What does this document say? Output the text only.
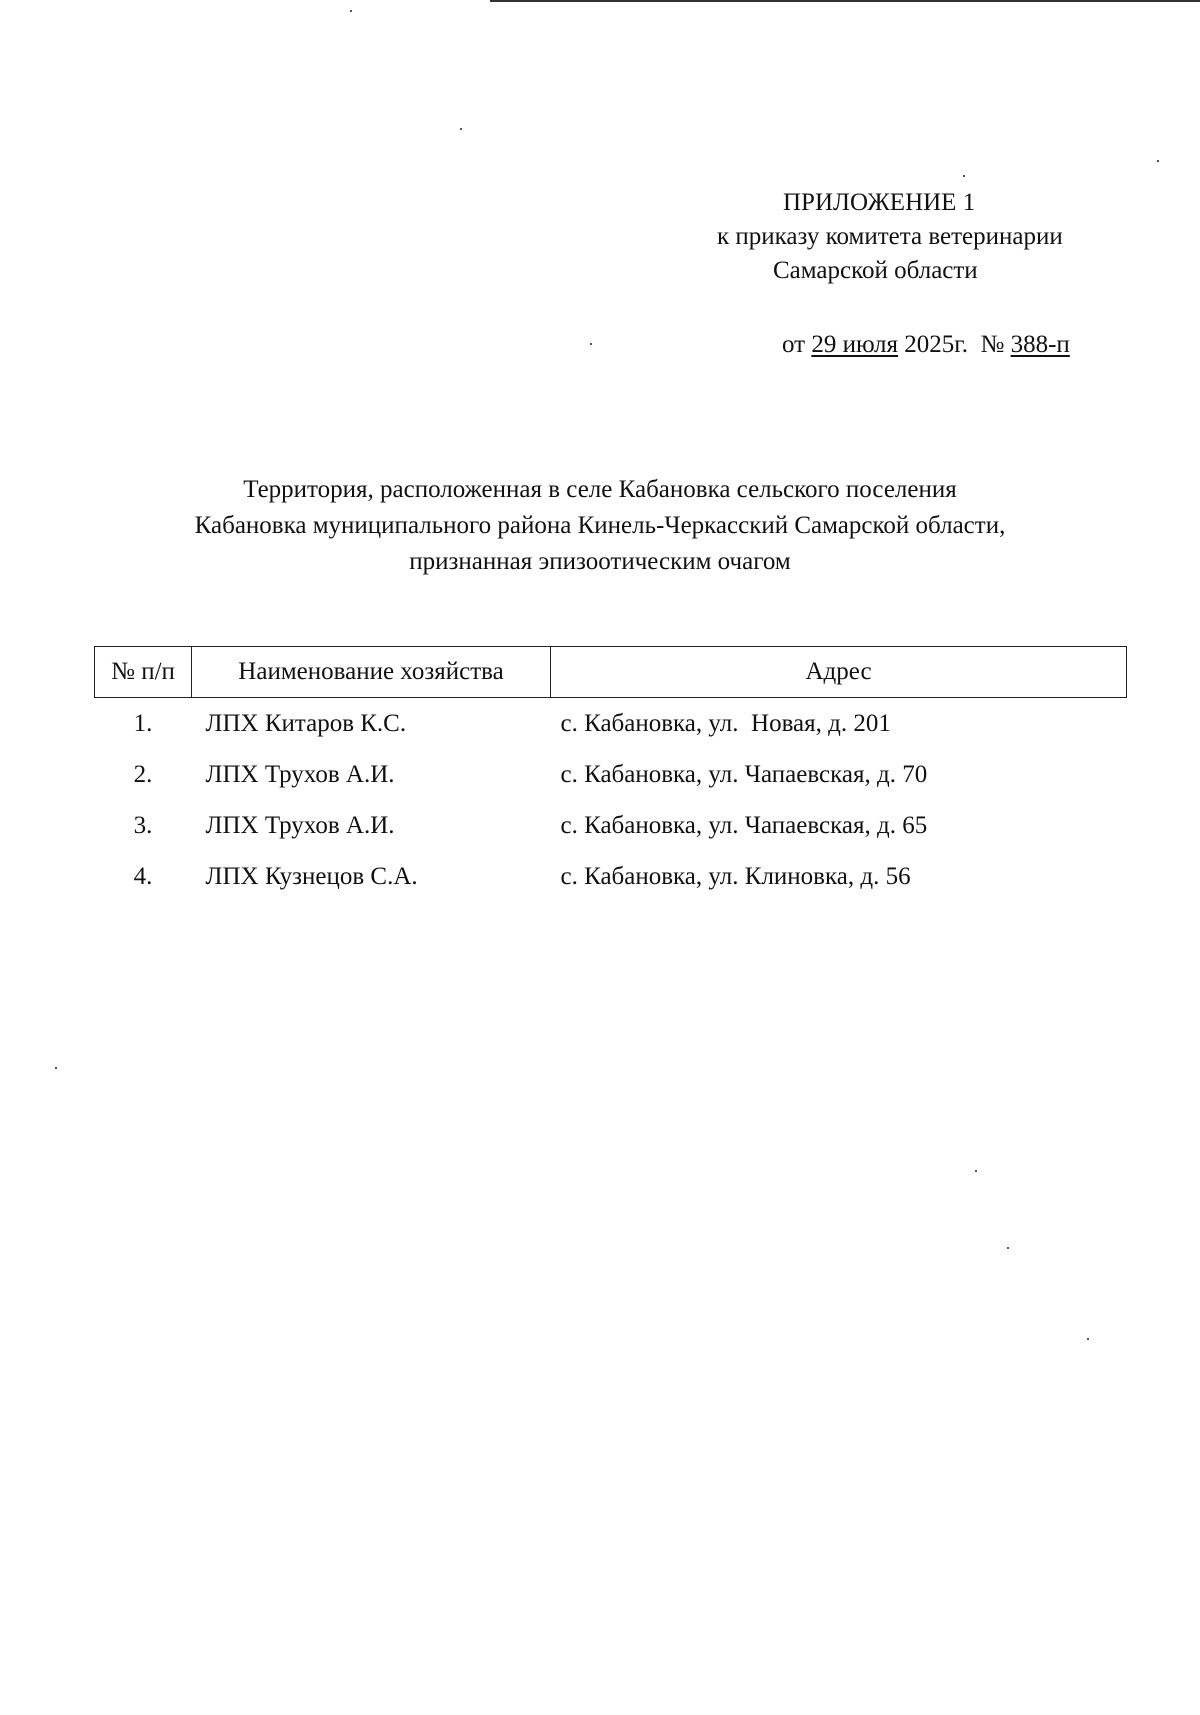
ПРИЛОЖЕНИЕ 1
к приказу комитета ветеринарии
Самарской области
от 29 июля 2025г.  № 388-п
Территория, расположенная в селе Кабановка сельского поселения
Кабановка муниципального района Кинель-Черкасский Самарской области,
признанная эпизоотическим очагом
№ п/п	Наименование хозяйства	Адрес
1.	ЛПХ Китаров К.С.	с. Кабановка, ул.  Новая, д. 201
2.	ЛПХ Трухов А.И.	с. Кабановка, ул. Чапаевская, д. 70
3.	ЛПХ Трухов А.И.	с. Кабановка, ул. Чапаевская, д. 65
4.	ЛПХ Кузнецов С.А.	с. Кабановка, ул. Клиновка, д. 56
